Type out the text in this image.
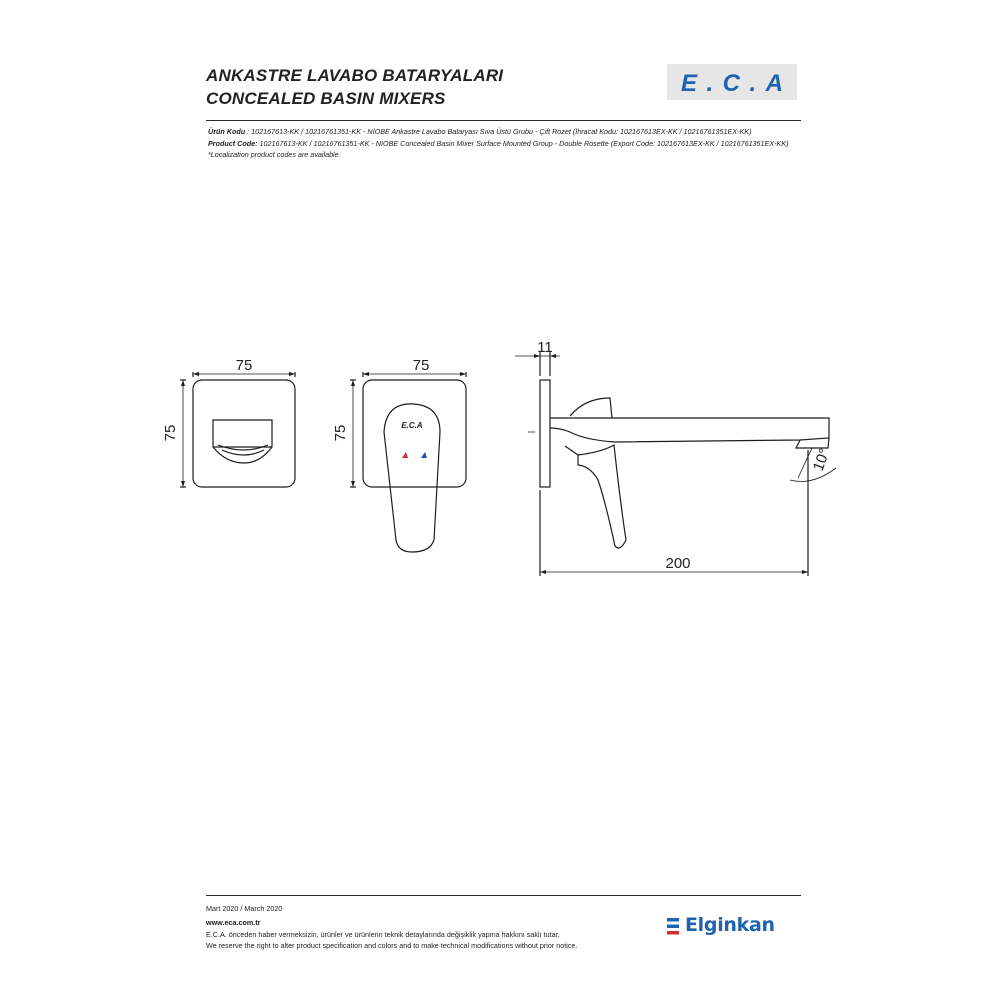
ANKASTRE LAVABO BATARYALARI
CONCEALED BASIN MIXERS
E.C.A
Ürün Kodu : 102167613-KK / 10216761351-KK - NİOBE Ankastre Lavabo Bataryası Sıva Üstü Grubu - Çift Rozet (İhracat Kodu: 102167613EX-KK / 10216761351EX-KK)
Product Code: 102167613-KK / 10216761351-KK - NIOBE Concealed Basin Mixer Surface Mounted Group - Double Rosette (Export Code: 102167613EX-KK / 10216761351EX-KK)
*Localization product codes are available.
E.C.A
75
75
75
75
11
200
10°
Mart 2020 / March 2020
www.eca.com.tr
E.C.A. önceden haber vermeksizin, ürünler ve ürünlerin teknik detaylarında değişiklik yapma hakkını saklı tutar.
We reserve the right to alter product specification and colors and to make technical modifications without prior notice.
Elginkan
